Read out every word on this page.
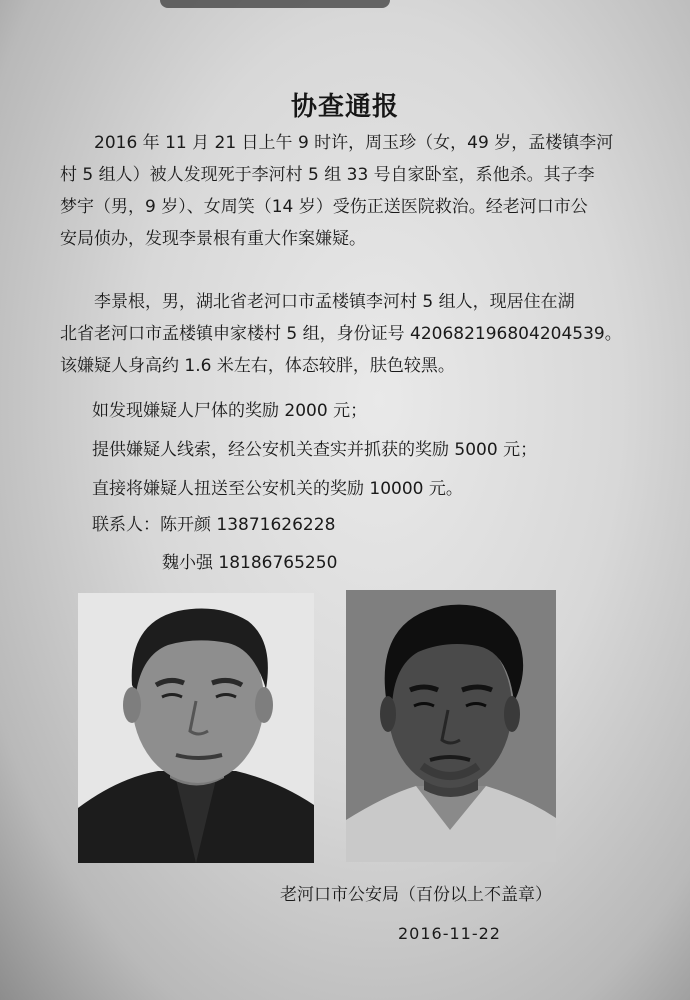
协查通报
2016 年 11 月 21 日上午 9 时许，周玉珍（女，49 岁，孟楼镇李河
村 5 组人）被人发现死于李河村 5 组 33 号自家卧室，系他杀。其子李
梦宇（男，9 岁）、女周笑（14 岁）受伤正送医院救治。经老河口市公
安局侦办，发现李景根有重大作案嫌疑。
李景根，男，湖北省老河口市孟楼镇李河村 5 组人，现居住在湖
北省老河口市孟楼镇申家楼村 5 组，身份证号 420682196804204539。
该嫌疑人身高约 1.6 米左右，体态较胖，肤色较黑。
如发现嫌疑人尸体的奖励 2000 元；
提供嫌疑人线索，经公安机关查实并抓获的奖励 5000 元；
直接将嫌疑人扭送至公安机关的奖励 10000 元。
联系人：陈开颜 13871626228
魏小强 18186765250
老河口市公安局（百份以上不盖章）
2016-11-22
